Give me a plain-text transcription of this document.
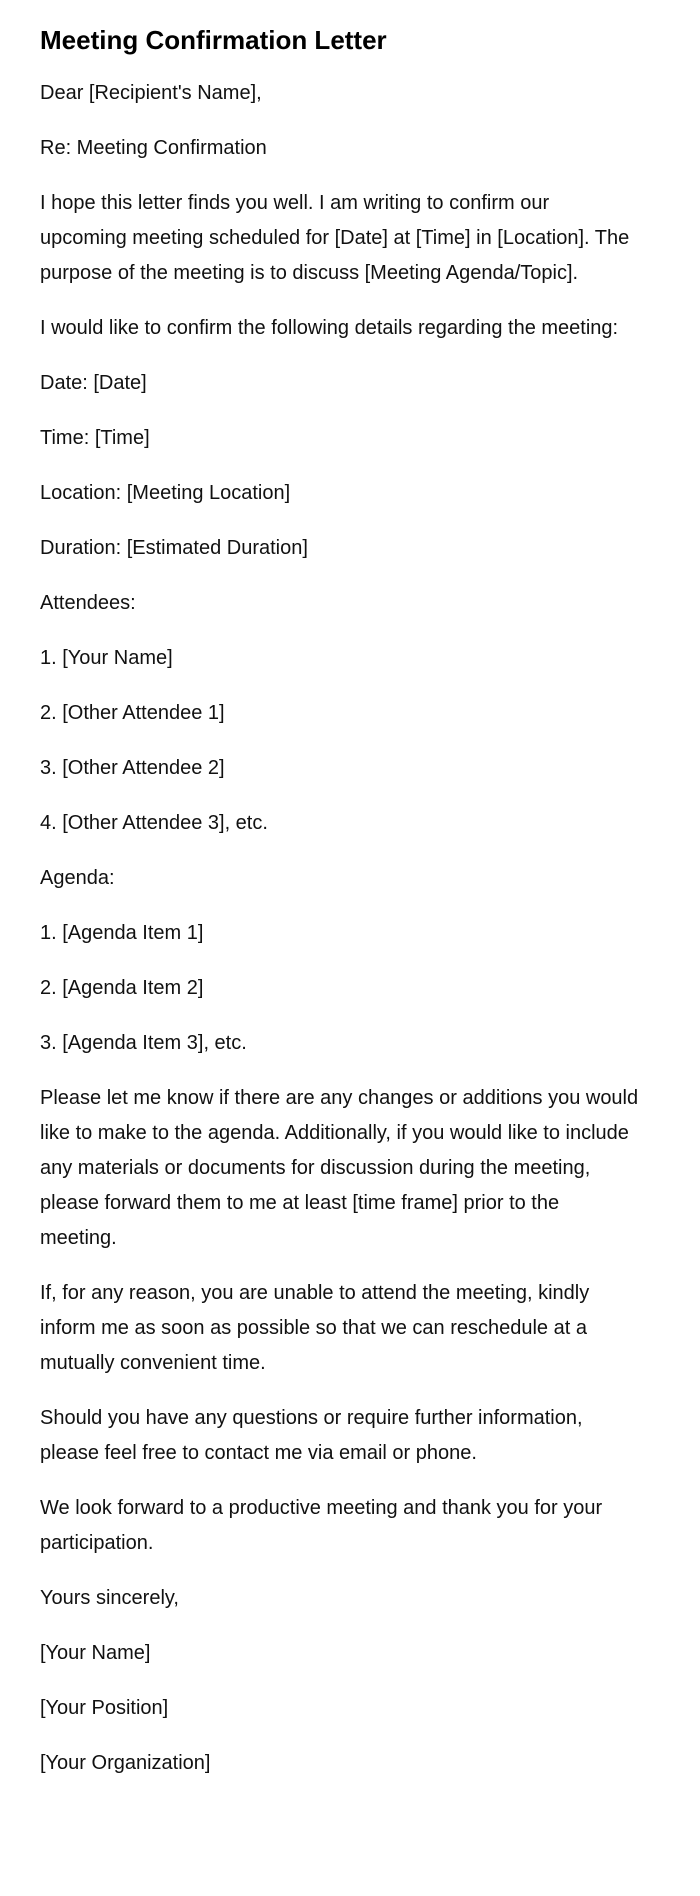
Meeting Confirmation Letter

Dear [Recipient's Name],

Re: Meeting Confirmation

I hope this letter finds you well. I am writing to confirm our upcoming meeting scheduled for [Date] at [Time] in [Location]. The purpose of the meeting is to discuss [Meeting Agenda/Topic].

I would like to confirm the following details regarding the meeting:

Date: [Date]

Time: [Time]

Location: [Meeting Location]

Duration: [Estimated Duration]

Attendees:

1. [Your Name]

2. [Other Attendee 1]

3. [Other Attendee 2]

4. [Other Attendee 3], etc.

Agenda:

1. [Agenda Item 1]

2. [Agenda Item 2]

3. [Agenda Item 3], etc.

Please let me know if there are any changes or additions you would like to make to the agenda. Additionally, if you would like to include any materials or documents for discussion during the meeting, please forward them to me at least [time frame] prior to the meeting.

If, for any reason, you are unable to attend the meeting, kindly inform me as soon as possible so that we can reschedule at a mutually convenient time.

Should you have any questions or require further information, please feel free to contact me via email or phone.

We look forward to a productive meeting and thank you for your participation.

Yours sincerely,

[Your Name]

[Your Position]

[Your Organization]
